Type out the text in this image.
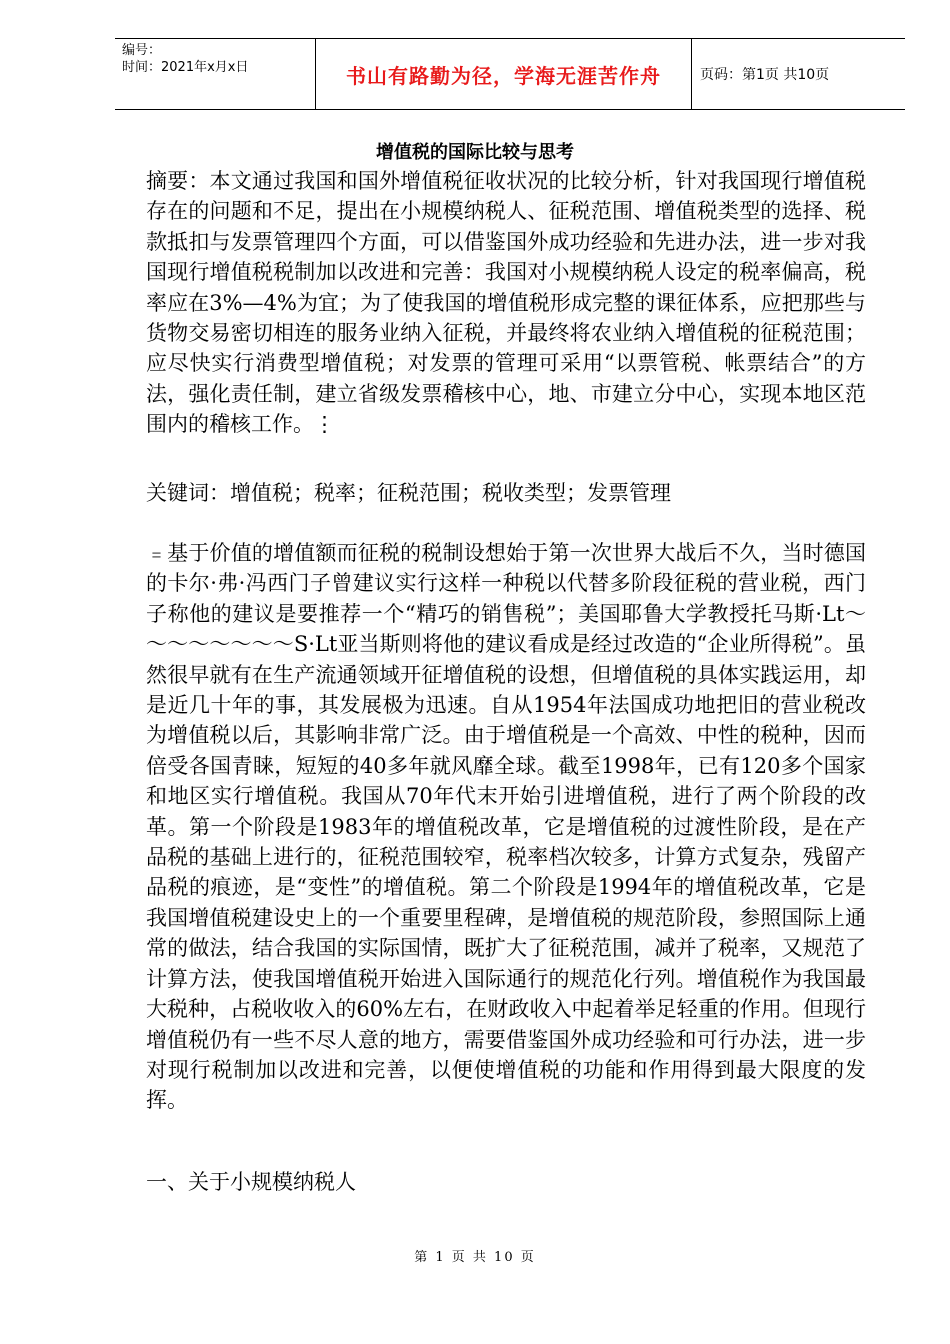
编号：
时间：2021年x月x日	书山有路勤为径，学海无涯苦作舟	页码：第1页 共10页
增值税的国际比较与思考
摘要：本文通过我国和国外增值税征收状况的比较分析，针对我国现行增值税存在的问题和不足，提出在小规模纳税人、征税范围、增值税类型的选择、税款抵扣与发票管理四个方面，可以借鉴国外成功经验和先进办法，进一步对我国现行增值税税制加以改进和完善：我国对小规模纳税人设定的税率偏高，税率应在3%—4%为宜；为了使我国的增值税形成完整的课征体系，应把那些与货物交易密切相连的服务业纳入征税，并最终将农业纳入增值税的征税范围；应尽快实行消费型增值税；对发票的管理可采用“以票管税、帐票结合”的方法，强化责任制，建立省级发票稽核中心，地、市建立分中心，实现本地区范围内的稽核工作。⋮
关键词：增值税；税率；征税范围；税收类型；发票管理
﹦基于价值的增值额而征税的税制设想始于第一次世界大战后不久，当时德国的卡尔·弗·冯西门子曾建议实行这样一种税以代替多阶段征税的营业税，西门子称他的建议是要推荐一个“精巧的销售税”；美国耶鲁大学教授托马斯·Lt～～～～～～～～S·Lt亚当斯则将他的建议看成是经过改造的“企业所得税”。虽然很早就有在生产流通领域开征增值税的设想，但增值税的具体实践运用，却是近几十年的事，其发展极为迅速。自从1954年法国成功地把旧的营业税改为增值税以后，其影响非常广泛。由于增值税是一个高效、中性的税种，因而倍受各国青睐，短短的40多年就风靡全球。截至1998年，已有120多个国家和地区实行增值税。我国从70年代末开始引进增值税，进行了两个阶段的改革。第一个阶段是1983年的增值税改革，它是增值税的过渡性阶段，是在产品税的基础上进行的，征税范围较窄，税率档次较多，计算方式复杂，残留产品税的痕迹，是“变性”的增值税。第二个阶段是1994年的增值税改革，它是我国增值税建设史上的一个重要里程碑，是增值税的规范阶段，参照国际上通常的做法，结合我国的实际国情，既扩大了征税范围，减并了税率，又规范了计算方法，使我国增值税开始进入国际通行的规范化行列。增值税作为我国最大税种，占税收收入的60%左右，在财政收入中起着举足轻重的作用。但现行增值税仍有一些不尽人意的地方，需要借鉴国外成功经验和可行办法，进一步对现行税制加以改进和完善，以便使增值税的功能和作用得到最大限度的发挥。
一、关于小规模纳税人
第 1 页 共 10 页
